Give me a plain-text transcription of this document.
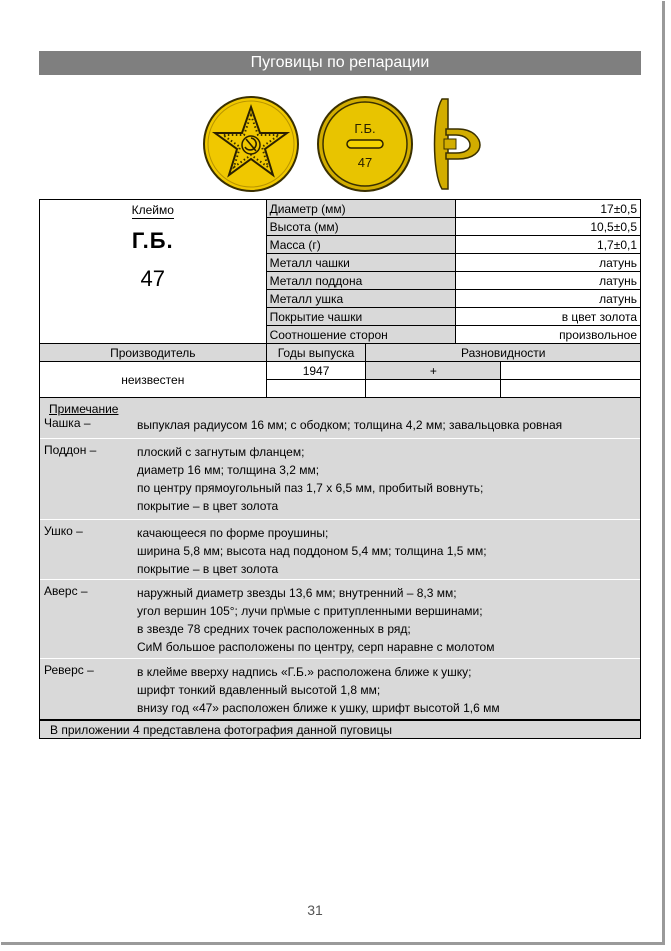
Пуговицы по репарации
Г.Б.
47
Клеймо
Г.Б.
47	Диаметр (мм)		17±0,5	
	Высота (мм)		10,5±0,5	
	Масса (г)		1,7±0,1	
	Металл чашки		латунь	
	Металл поддона		латунь	
	Металл ушка		латунь	
	Покрытие чашки		в цвет золота	
	Соотношение сторон		произвольное	
Производитель	Годы выпуска	Разновидности		
неизвестен	1947	+		

Примечание
Чашка –	выпуклая радиусом 16 мм; с ободком; толщина 4,2 мм; завальцовка ровная
Поддон –	плоский с загнутым фланцем;
диаметр 16 мм; толщина 3,2 мм;
по центру прямоугольный паз 1,7 х 6,5 мм, пробитый вовнуть;
покрытие – в цвет золота
Ушко –	качающееся по форме проушины;
ширина 5,8 мм; высота над поддоном 5,4 мм; толщина 1,5 мм;
покрытие – в цвет золота
Аверс –	наружный диаметр звезды 13,6 мм; внутренний – 8,3 мм;
угол вершин 105°; лучи пр\мые с притупленными вершинами;
в звезде 78 средних точек расположенных в ряд;
СиМ большое расположены по центру, серп наравне с молотом
Реверс –	в клейме вверху надпись «Г.Б.» расположена ближе к ушку;
шрифт тонкий вдавленный высотой 1,8 мм;
внизу год «47» расположен ближе к ушку, шрифт высотой 1,6 мм
В приложении 4 представлена фотография данной пуговицы
31
